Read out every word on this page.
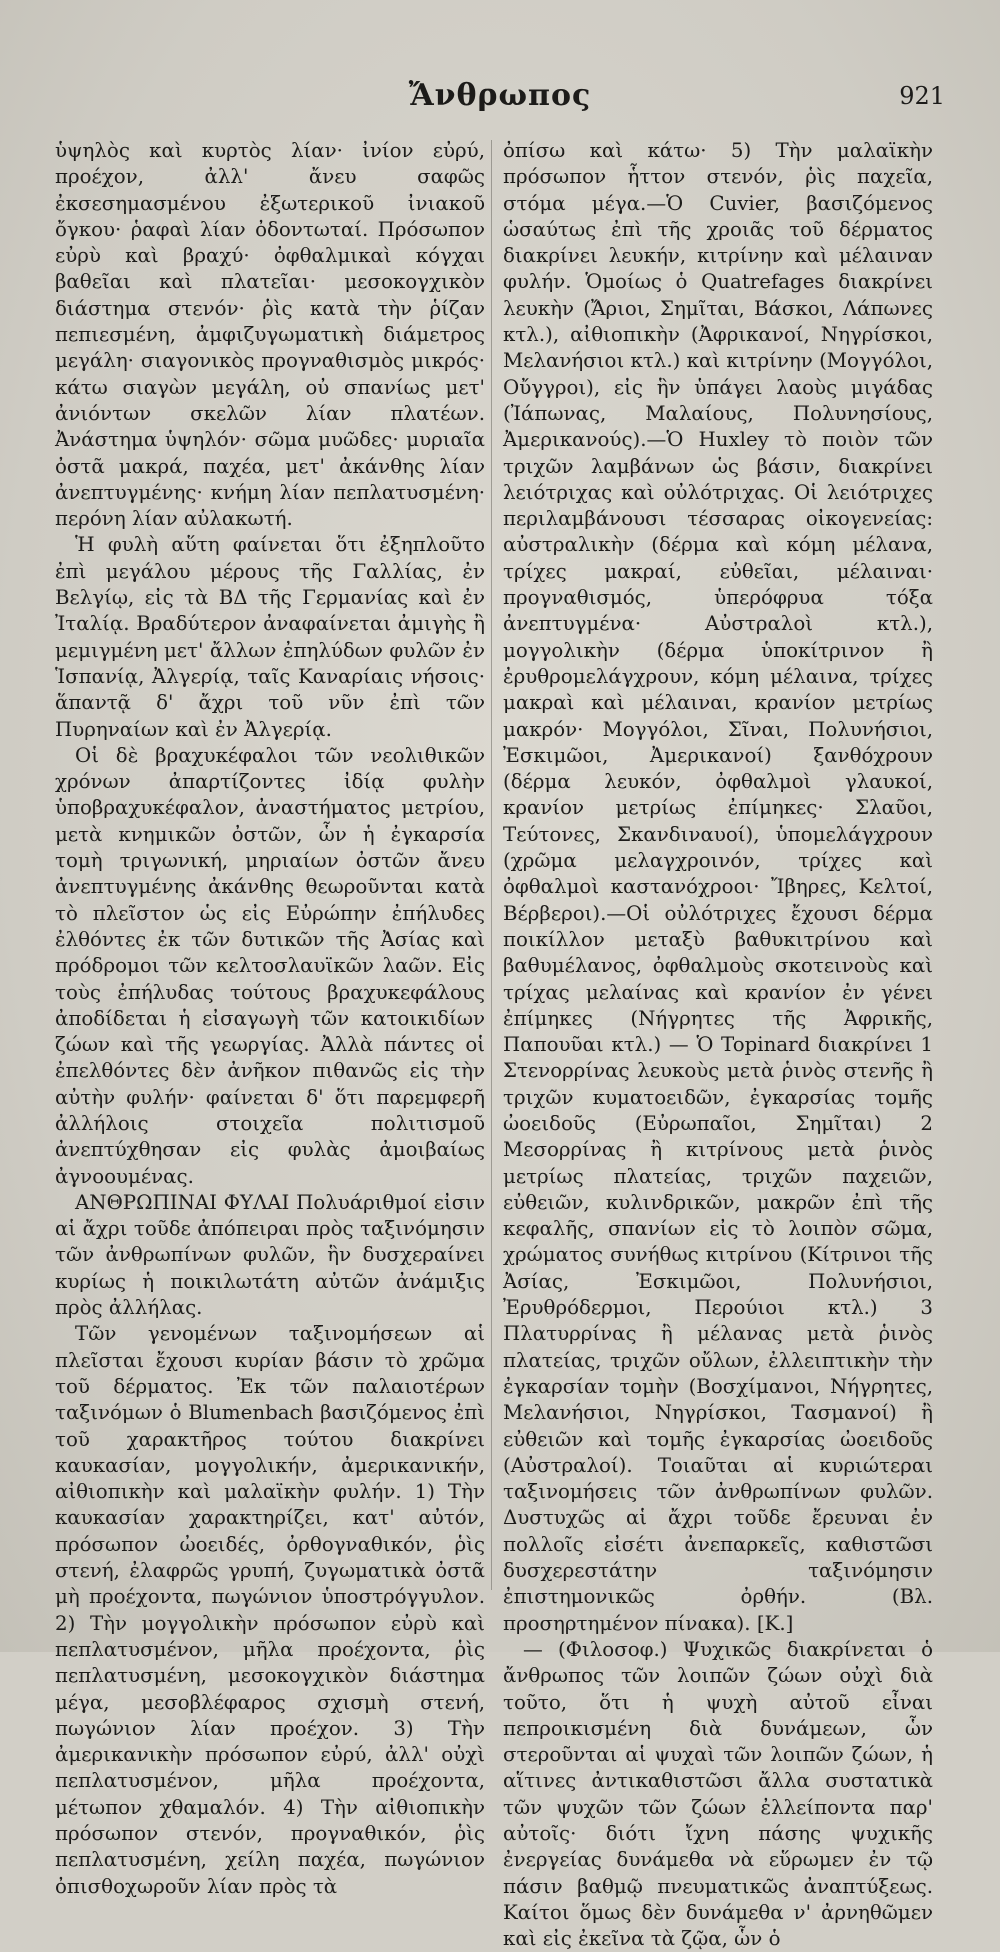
Ἄνθρωπος	921

ὑψηλὸς καὶ κυρτὸς λίαν· ἰνίον εὐρύ, προέχον, ἀλλ' ἄνευ σαφῶς ἐκσεσημασμένου ἐξωτερικοῦ ἰνιακοῦ ὄγκου· ῥαφαὶ λίαν ὀδοντωταί. Πρόσωπον εὐρὺ καὶ βραχύ· ὀφθαλμικαὶ κόγχαι βαθεῖαι καὶ πλατεῖαι· μεσοκογχικὸν διάστημα στενόν· ῥὶς κατὰ τὴν ῥίζαν πεπιεσμένη, ἀμφιζυγωματικὴ διάμετρος μεγάλη· σιαγονικὸς προγναθισμὸς μικρός· κάτω σιαγὼν μεγάλη, οὐ σπανίως μετ' ἀνιόντων σκελῶν λίαν πλατέων. Ἀνάστημα ὑψηλόν· σῶμα μυῶδες· μυριαῖα ὀστᾶ μακρά, παχέα, μετ' ἀκάνθης λίαν ἀνεπτυγμένης· κνήμη λίαν πεπλατυσμένη· περόνη λίαν αὐλακωτή.

Ἡ φυλὴ αὕτη φαίνεται ὅτι ἐξηπλοῦτο ἐπὶ μεγάλου μέρους τῆς Γαλλίας, ἐν Βελγίῳ, εἰς τὰ ΒΔ τῆς Γερμανίας καὶ ἐν Ἰταλίᾳ. Βραδύτερον ἀναφαίνεται ἀμιγὴς ἢ μεμιγμένη μετ' ἄλλων ἐπηλύδων φυλῶν ἐν Ἱσπανίᾳ, Ἀλγερίᾳ, ταῖς Καναρίαις νήσοις· ἅπαντᾷ δ' ἄχρι τοῦ νῦν ἐπὶ τῶν Πυρηναίων καὶ ἐν Ἀλγερίᾳ.

Οἱ δὲ βραχυκέφαλοι τῶν νεολιθικῶν χρόνων ἀπαρτίζοντες ἰδίᾳ φυλὴν ὑποβραχυκέφαλον, ἀναστήματος μετρίου, μετὰ κνημικῶν ὀστῶν, ὧν ἡ ἐγκαρσία τομὴ τριγωνική, μηριαίων ὀστῶν ἄνευ ἀνεπτυγμένης ἀκάνθης θεωροῦνται κατὰ τὸ πλεῖστον ὡς εἰς Εὐρώπην ἐπήλυδες ἐλθόντες ἐκ τῶν δυτικῶν τῆς Ἀσίας καὶ πρόδρομοι τῶν κελτοσλαυϊκῶν λαῶν. Εἰς τοὺς ἐπήλυδας τούτους βραχυκεφάλους ἀποδίδεται ἡ εἰσαγωγὴ τῶν κατοικιδίων ζώων καὶ τῆς γεωργίας. Ἀλλὰ πάντες οἱ ἐπελθόντες δὲν ἀνῆκον πιθανῶς εἰς τὴν αὐτὴν φυλήν· φαίνεται δ' ὅτι παρεμφερῆ ἀλλήλοις στοιχεῖα πολιτισμοῦ ἀνεπτύχθησαν εἰς φυλὰς ἀμοιβαίως ἀγνοουμένας.

ΑΝΘΡΩΠΙΝΑΙ ΦΥΛΑΙ Πολυάριθμοί εἰσιν αἱ ἄχρι τοῦδε ἀπόπειραι πρὸς ταξινόμησιν τῶν ἀνθρωπίνων φυλῶν, ἣν δυσχεραίνει κυρίως ἡ ποικιλωτάτη αὐτῶν ἀνάμιξις πρὸς ἀλλήλας.

Τῶν γενομένων ταξινομήσεων αἱ πλεῖσται ἔχουσι κυρίαν βάσιν τὸ χρῶμα τοῦ δέρματος. Ἐκ τῶν παλαιοτέρων ταξινόμων ὁ Blumenbach βασιζόμενος ἐπὶ τοῦ χαρακτῆρος τούτου διακρίνει καυκασίαν, μογγολικήν, ἀμερικανικήν, αἰθιοπικὴν καὶ μαλαϊκὴν φυλήν. 1) Τὴν καυκασίαν χαρακτηρίζει, κατ' αὐτόν, πρόσωπον ὠοειδές, ὀρθογναθικόν, ῥὶς στενή, ἐλαφρῶς γρυπή, ζυγωματικὰ ὀστᾶ μὴ προέχοντα, πωγώνιον ὑποστρόγγυλον. 2) Τὴν μογγολικὴν πρόσωπον εὐρὺ καὶ πεπλατυσμένον, μῆλα προέχοντα, ῥὶς πεπλατυσμένη, μεσοκογχικὸν διάστημα μέγα, μεσοβλέφαρος σχισμὴ στενή, πωγώνιον λίαν προέχον. 3) Τὴν ἀμερικανικὴν πρόσωπον εὐρύ, ἀλλ' οὐχὶ πεπλατυσμένον, μῆλα προέχοντα, μέτωπον χθαμαλόν. 4) Τὴν αἰθιοπικὴν πρόσωπον στενόν, προγναθικόν, ῥὶς πεπλατυσμένη, χείλη παχέα, πωγώνιον ὀπισθοχωροῦν λίαν πρὸς τὰ

ὀπίσω καὶ κάτω· 5) Τὴν μαλαϊκὴν πρόσωπον ἧττον στενόν, ῥὶς παχεῖα, στόμα μέγα.—Ὁ Cuvier, βασιζόμενος ὡσαύτως ἐπὶ τῆς χροιᾶς τοῦ δέρματος διακρίνει λευκήν, κιτρίνην καὶ μέλαιναν φυλήν. Ὁμοίως ὁ Quatrefages διακρίνει λευκὴν (Ἄριοι, Σημῖται, Βάσκοι, Λάπωνες κτλ.), αἰθιοπικὴν (Ἀφρικανοί, Νηγρίσκοι, Μελανήσιοι κτλ.) καὶ κιτρίνην (Μογγόλοι, Οὔγγροι), εἰς ἣν ὑπάγει λαοὺς μιγάδας (Ἰάπωνας, Μαλαίους, Πολυνησίους, Ἀμερικανούς).—Ὁ Huxley τὸ ποιὸν τῶν τριχῶν λαμβάνων ὡς βάσιν, διακρίνει λειότριχας καὶ οὐλότριχας. Οἱ λειότριχες περιλαμβάνουσι τέσσαρας οἰκογενείας: αὐστραλικὴν (δέρμα καὶ κόμη μέλανα, τρίχες μακραί, εὐθεῖαι, μέλαιναι· προγναθισμός, ὑπερόφρυα τόξα ἀνεπτυγμένα· Αὐστραλοὶ κτλ.), μογγολικὴν (δέρμα ὑποκίτρινον ἢ ἐρυθρομελάγχρουν, κόμη μέλαινα, τρίχες μακραὶ καὶ μέλαιναι, κρανίον μετρίως μακρόν· Μογγόλοι, Σῖναι, Πολυνήσιοι, Ἐσκιμῶοι, Ἀμερικανοί) ξανθόχρουν (δέρμα λευκόν, ὀφθαλμοὶ γλαυκοί, κρανίον μετρίως ἐπίμηκες· Σλαῦοι, Τεύτονες, Σκανδιναυοί), ὑπομελάγχρουν (χρῶμα μελαγχροινόν, τρίχες καὶ ὀφθαλμοὶ καστανόχροοι· Ἴβηρες, Κελτοί, Βέρβεροι).—Οἱ οὐλότριχες ἔχουσι δέρμα ποικίλλον μεταξὺ βαθυκιτρίνου καὶ βαθυμέλανος, ὀφθαλμοὺς σκοτεινοὺς καὶ τρίχας μελαίνας καὶ κρανίον ἐν γένει ἐπίμηκες (Νήγρητες τῆς Ἀφρικῆς, Παπουῦαι κτλ.) — Ὁ Topinard διακρίνει 1 Στενορρίνας λευκοὺς μετὰ ῥινὸς στενῆς ἢ τριχῶν κυματοειδῶν, ἐγκαρσίας τομῆς ὠοειδοῦς (Εὐρωπαῖοι, Σημῖται) 2 Μεσορρίνας ἢ κιτρίνους μετὰ ῥινὸς μετρίως πλατείας, τριχῶν παχειῶν, εὐθειῶν, κυλινδρικῶν, μακρῶν ἐπὶ τῆς κεφαλῆς, σπανίων εἰς τὸ λοιπὸν σῶμα, χρώματος συνήθως κιτρίνου (Κίτρινοι τῆς Ἀσίας, Ἐσκιμῶοι, Πολυνήσιοι, Ἐρυθρόδερμοι, Περούιοι κτλ.) 3 Πλατυρρίνας ἢ μέλανας μετὰ ῥινὸς πλατείας, τριχῶν οὔλων, ἐλλειπτικὴν τὴν ἐγκαρσίαν τομὴν (Βοσχίμανοι, Νήγρητες, Μελανήσιοι, Νηγρίσκοι, Τασμανοί) ἢ εὐθειῶν καὶ τομῆς ἐγκαρσίας ὠοειδοῦς (Αὐστραλοί). Τοιαῦται αἱ κυριώτεραι ταξινομήσεις τῶν ἀνθρωπίνων φυλῶν. Δυστυχῶς αἱ ἄχρι τοῦδε ἔρευναι ἐν πολλοῖς εἰσέτι ἀνεπαρκεῖς, καθιστῶσι δυσχερεστάτην ταξινόμησιν ἐπιστημονικῶς ὀρθήν. (Βλ. προσηρτημένον πίνακα). [Κ.]

— (Φιλοσοφ.) Ψυχικῶς διακρίνεται ὁ ἄνθρωπος τῶν λοιπῶν ζώων οὐχὶ διὰ τοῦτο, ὅτι ἡ ψυχὴ αὐτοῦ εἶναι πεπροικισμένη διὰ δυνάμεων, ὧν στεροῦνται αἱ ψυχαὶ τῶν λοιπῶν ζώων, ἡ αἵτινες ἀντικαθιστῶσι ἄλλα συστατικὰ τῶν ψυχῶν τῶν ζώων ἐλλείποντα παρ' αὐτοῖς· διότι ἴχνη πάσης ψυχικῆς ἐνεργείας δυνάμεθα νὰ εὕρωμεν ἐν τῷ πάσιν βαθμῷ πνευματικῶς ἀναπτύξεως. Καίτοι ὅμως δὲν δυνάμεθα ν' ἀρνηθῶμεν καὶ εἰς ἐκεῖνα τὰ ζῷα, ὧν ὁ
